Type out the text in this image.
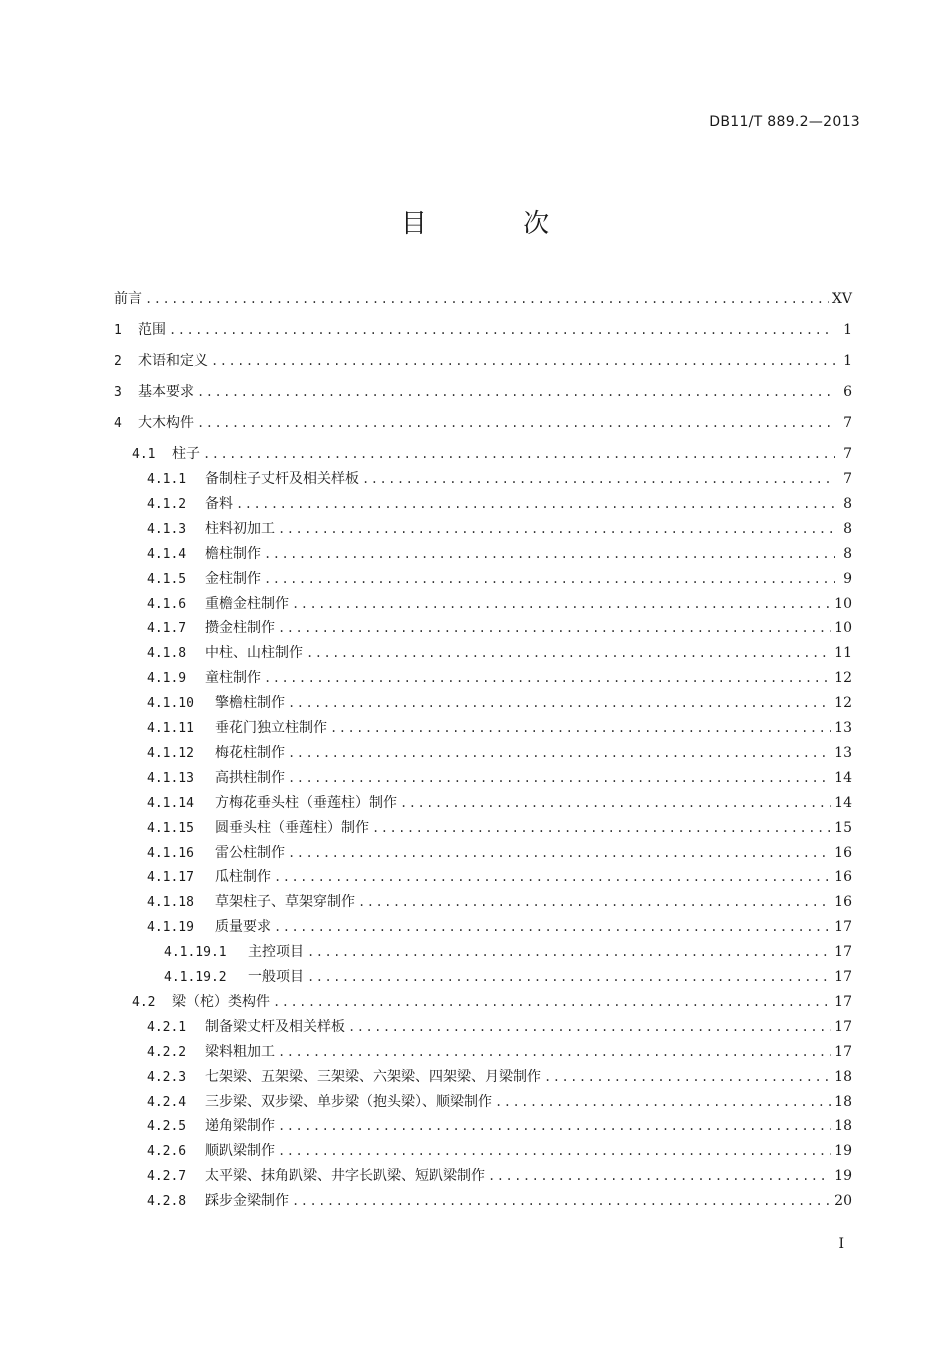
DB11/T 889.2—2013
目 次
前言 .....	XV
1	范围 .....	1
2	术语和定义 .....	1
3	基本要求 .....	6
4	大木构件 .....	7
4.1	柱子 .....	7
4.1.1	备制柱子丈杆及相关样板 .....	7
4.1.2	备料 .....	8
4.1.3	柱料初加工 .....	8
4.1.4	檐柱制作 .....	8
4.1.5	金柱制作 .....	9
4.1.6	重檐金柱制作 .....	10
4.1.7	攒金柱制作 .....	10
4.1.8	中柱、山柱制作 .....	11
4.1.9	童柱制作 .....	12
4.1.10	擎檐柱制作 .....	12
4.1.11	垂花门独立柱制作 .....	13
4.1.12	梅花柱制作 .....	13
4.1.13	高拱柱制作 .....	14
4.1.14	方梅花垂头柱（垂莲柱）制作 .....	14
4.1.15	圆垂头柱（垂莲柱）制作 .....	15
4.1.16	雷公柱制作 .....	16
4.1.17	瓜柱制作 .....	16
4.1.18	草架柱子、草架穿制作 .....	16
4.1.19	质量要求 .....	17
4.1.19.1	主控项目 .....	17
4.1.19.2	一般项目 .....	17
4.2	梁（柁）类构件 .....	17
4.2.1	制备梁丈杆及相关样板 .....	17
4.2.2	梁料粗加工 .....	17
4.2.3	七架梁、五架梁、三架梁、六架梁、四架梁、月梁制作 .....	18
4.2.4	三步梁、双步梁、单步梁（抱头梁）、顺梁制作 .....	18
4.2.5	递角梁制作 .....	18
4.2.6	顺趴梁制作 .....	19
4.2.7	太平梁、抹角趴梁、井字长趴梁、短趴梁制作 .....	19
4.2.8	踩步金梁制作 .....	20
I
